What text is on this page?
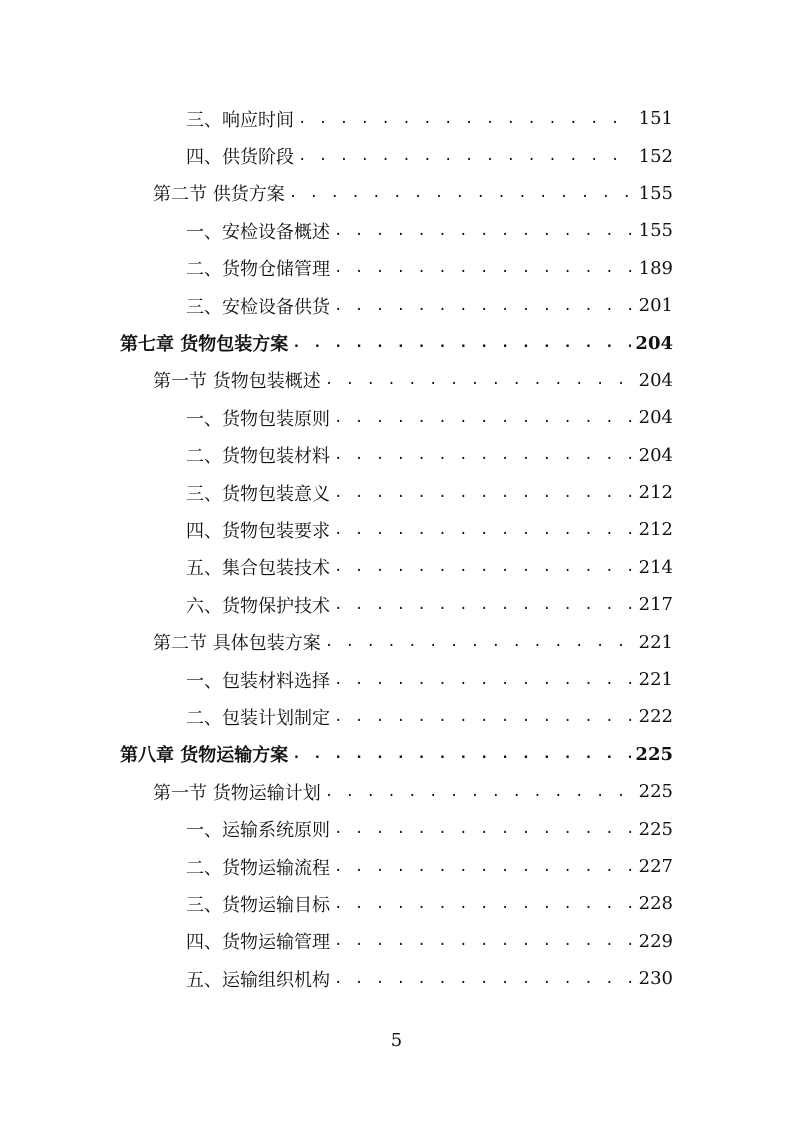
三、响应时间 . . .	151
四、供货阶段 . . .	152
第二节 供货方案 . . .	155
一、安检设备概述 . . .	155
二、货物仓储管理 . . .	189
三、安检设备供货 . . .	201
第七章 货物包装方案 . . .	204
第一节 货物包装概述 . . .	204
一、货物包装原则 . . .	204
二、货物包装材料 . . .	204
三、货物包装意义 . . .	212
四、货物包装要求 . . .	212
五、集合包装技术 . . .	214
六、货物保护技术 . . .	217
第二节 具体包装方案 . . .	221
一、包装材料选择 . . .	221
二、包装计划制定 . . .	222
第八章 货物运输方案 . . .	225
第一节 货物运输计划 . . .	225
一、运输系统原则 . . .	225
二、货物运输流程 . . .	227
三、货物运输目标 . . .	228
四、货物运输管理 . . .	229
五、运输组织机构 . . .	230
5
